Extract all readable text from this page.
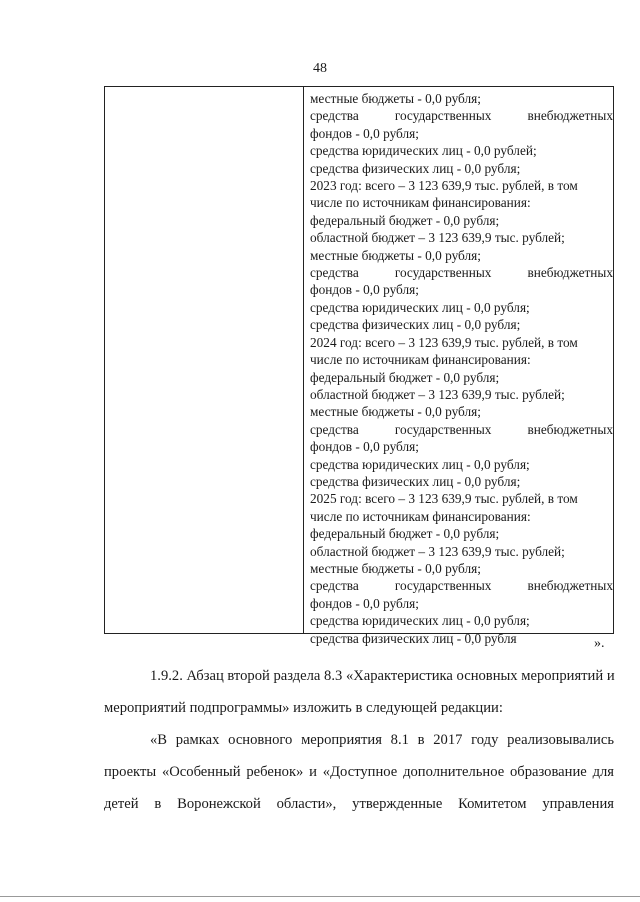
48
местные бюджеты - 0,0 рубля;
средства государственных внебюджетных
фондов - 0,0 рубля;
средства юридических лиц - 0,0 рублей;
средства физических лиц - 0,0 рубля;
2023 год: всего – 3 123 639,9 тыс. рублей, в том
числе по источникам финансирования:
федеральный бюджет - 0,0 рубля;
областной бюджет – 3 123 639,9 тыс. рублей;
местные бюджеты - 0,0 рубля;
средства государственных внебюджетных
фондов - 0,0 рубля;
средства юридических лиц - 0,0 рубля;
средства физических лиц - 0,0 рубля;
2024 год: всего – 3 123 639,9 тыс. рублей, в том
числе по источникам финансирования:
федеральный бюджет - 0,0 рубля;
областной бюджет – 3 123 639,9 тыс. рублей;
местные бюджеты - 0,0 рубля;
средства государственных внебюджетных
фондов - 0,0 рубля;
средства юридических лиц - 0,0 рубля;
средства физических лиц - 0,0 рубля;
2025 год: всего – 3 123 639,9 тыс. рублей, в том
числе по источникам финансирования:
федеральный бюджет - 0,0 рубля;
областной бюджет – 3 123 639,9 тыс. рублей;
местные бюджеты - 0,0 рубля;
средства государственных внебюджетных
фондов - 0,0 рубля;
средства юридических лиц - 0,0 рубля;
средства физических лиц - 0,0 рубля	».
1.9.2. Абзац второй раздела 8.3 «Характеристика основных мероприятий и
мероприятий подпрограммы» изложить в следующей редакции:
«В рамках основного мероприятия 8.1 в 2017 году реализовывались
проекты «Особенный ребенок» и «Доступное дополнительное образование для
детей в Воронежской области», утвержденные Комитетом управления
